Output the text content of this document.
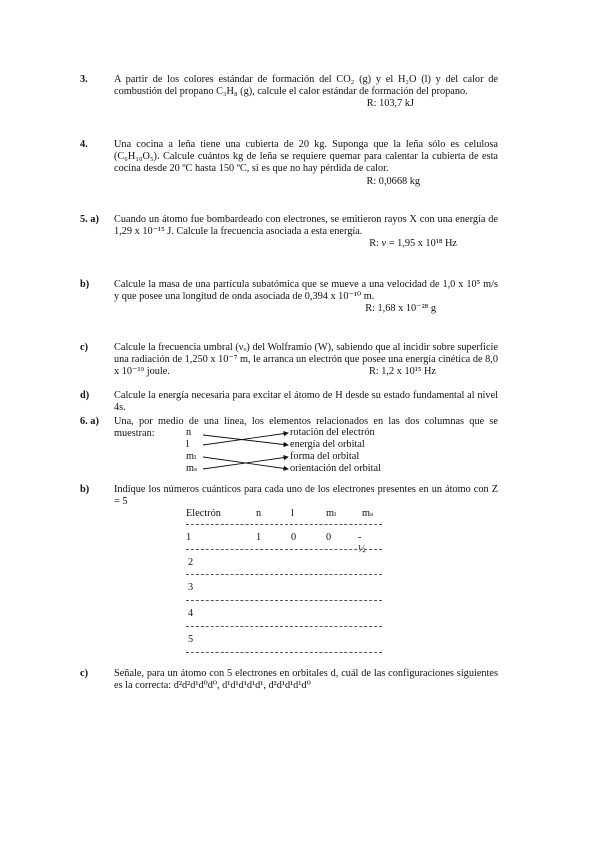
3.	A partir de los colores estándar de formación del CO₂ (g) y el H₂O (l) y del calor de combustión del propano C₃H₈ (g), calcule el calor estándar de formación del propano.
R: 103,7 kJ
4.	Una cocina a leña tiene una cubierta de 20 kg. Suponga que la leña sólo es celulosa (C₆H₁₀O₅). Calcule cuántos kg de leña se requiere quemar para calentar la cubierta de esta cocina desde 20 ºC hasta 150 ºC, si es que no hay pérdida de calor.
R: 0,0668 kg
5. a) Cuando un átomo fue bombardeado con electrones, se emitieron rayos X con una energía de 1,29 x 10⁻¹⁵ J. Calcule la frecuencia asociada a esta energía.
R: ν = 1,95 x 10¹⁸ Hz
b) Calcule la masa de una partícula subatómica que se mueve a una velocidad de 1,0 x 10⁵ m/s y que posee una longitud de onda asociada de 0,394 x 10⁻¹⁰ m.
R: 1,68 x 10⁻²⁸ g
c)	Calcule la frecuencia umbral (νₒ) del Wolframio (W), sabiendo que al incidir sobre superficie una radiación de 1,250 x 10⁻⁷ m, le arranca un electrón que posee una energía cinética de 8,0 x 10⁻¹⁹ joule.	R: 1,2 x 10¹⁵ Hz
d) Calcule la energía necesaria para excitar el átomo de H desde su estado fundamental al nivel 4s.
6. a) Una, por medio de una línea, los elementos relacionados en las dos columnas que se muestran:	n
l
mₗ
mₛ
rotación del electrón
energía del orbital
forma del orbital
orientación del orbital
b) Indique los números cuánticos para cada uno de los electrones presentes en un átomo con Z = 5
Electrón	n	l	mₗ mₛ
1	1	0	0	- ½
2
3
4
5
c)	Señale, para un átomo con 5 electrones en orbitales d, cuál de las configuraciones siguientes es la correcta: d²d²d¹d⁰d⁰, d¹d¹d¹d¹d¹, d²d¹d¹d¹d⁰
